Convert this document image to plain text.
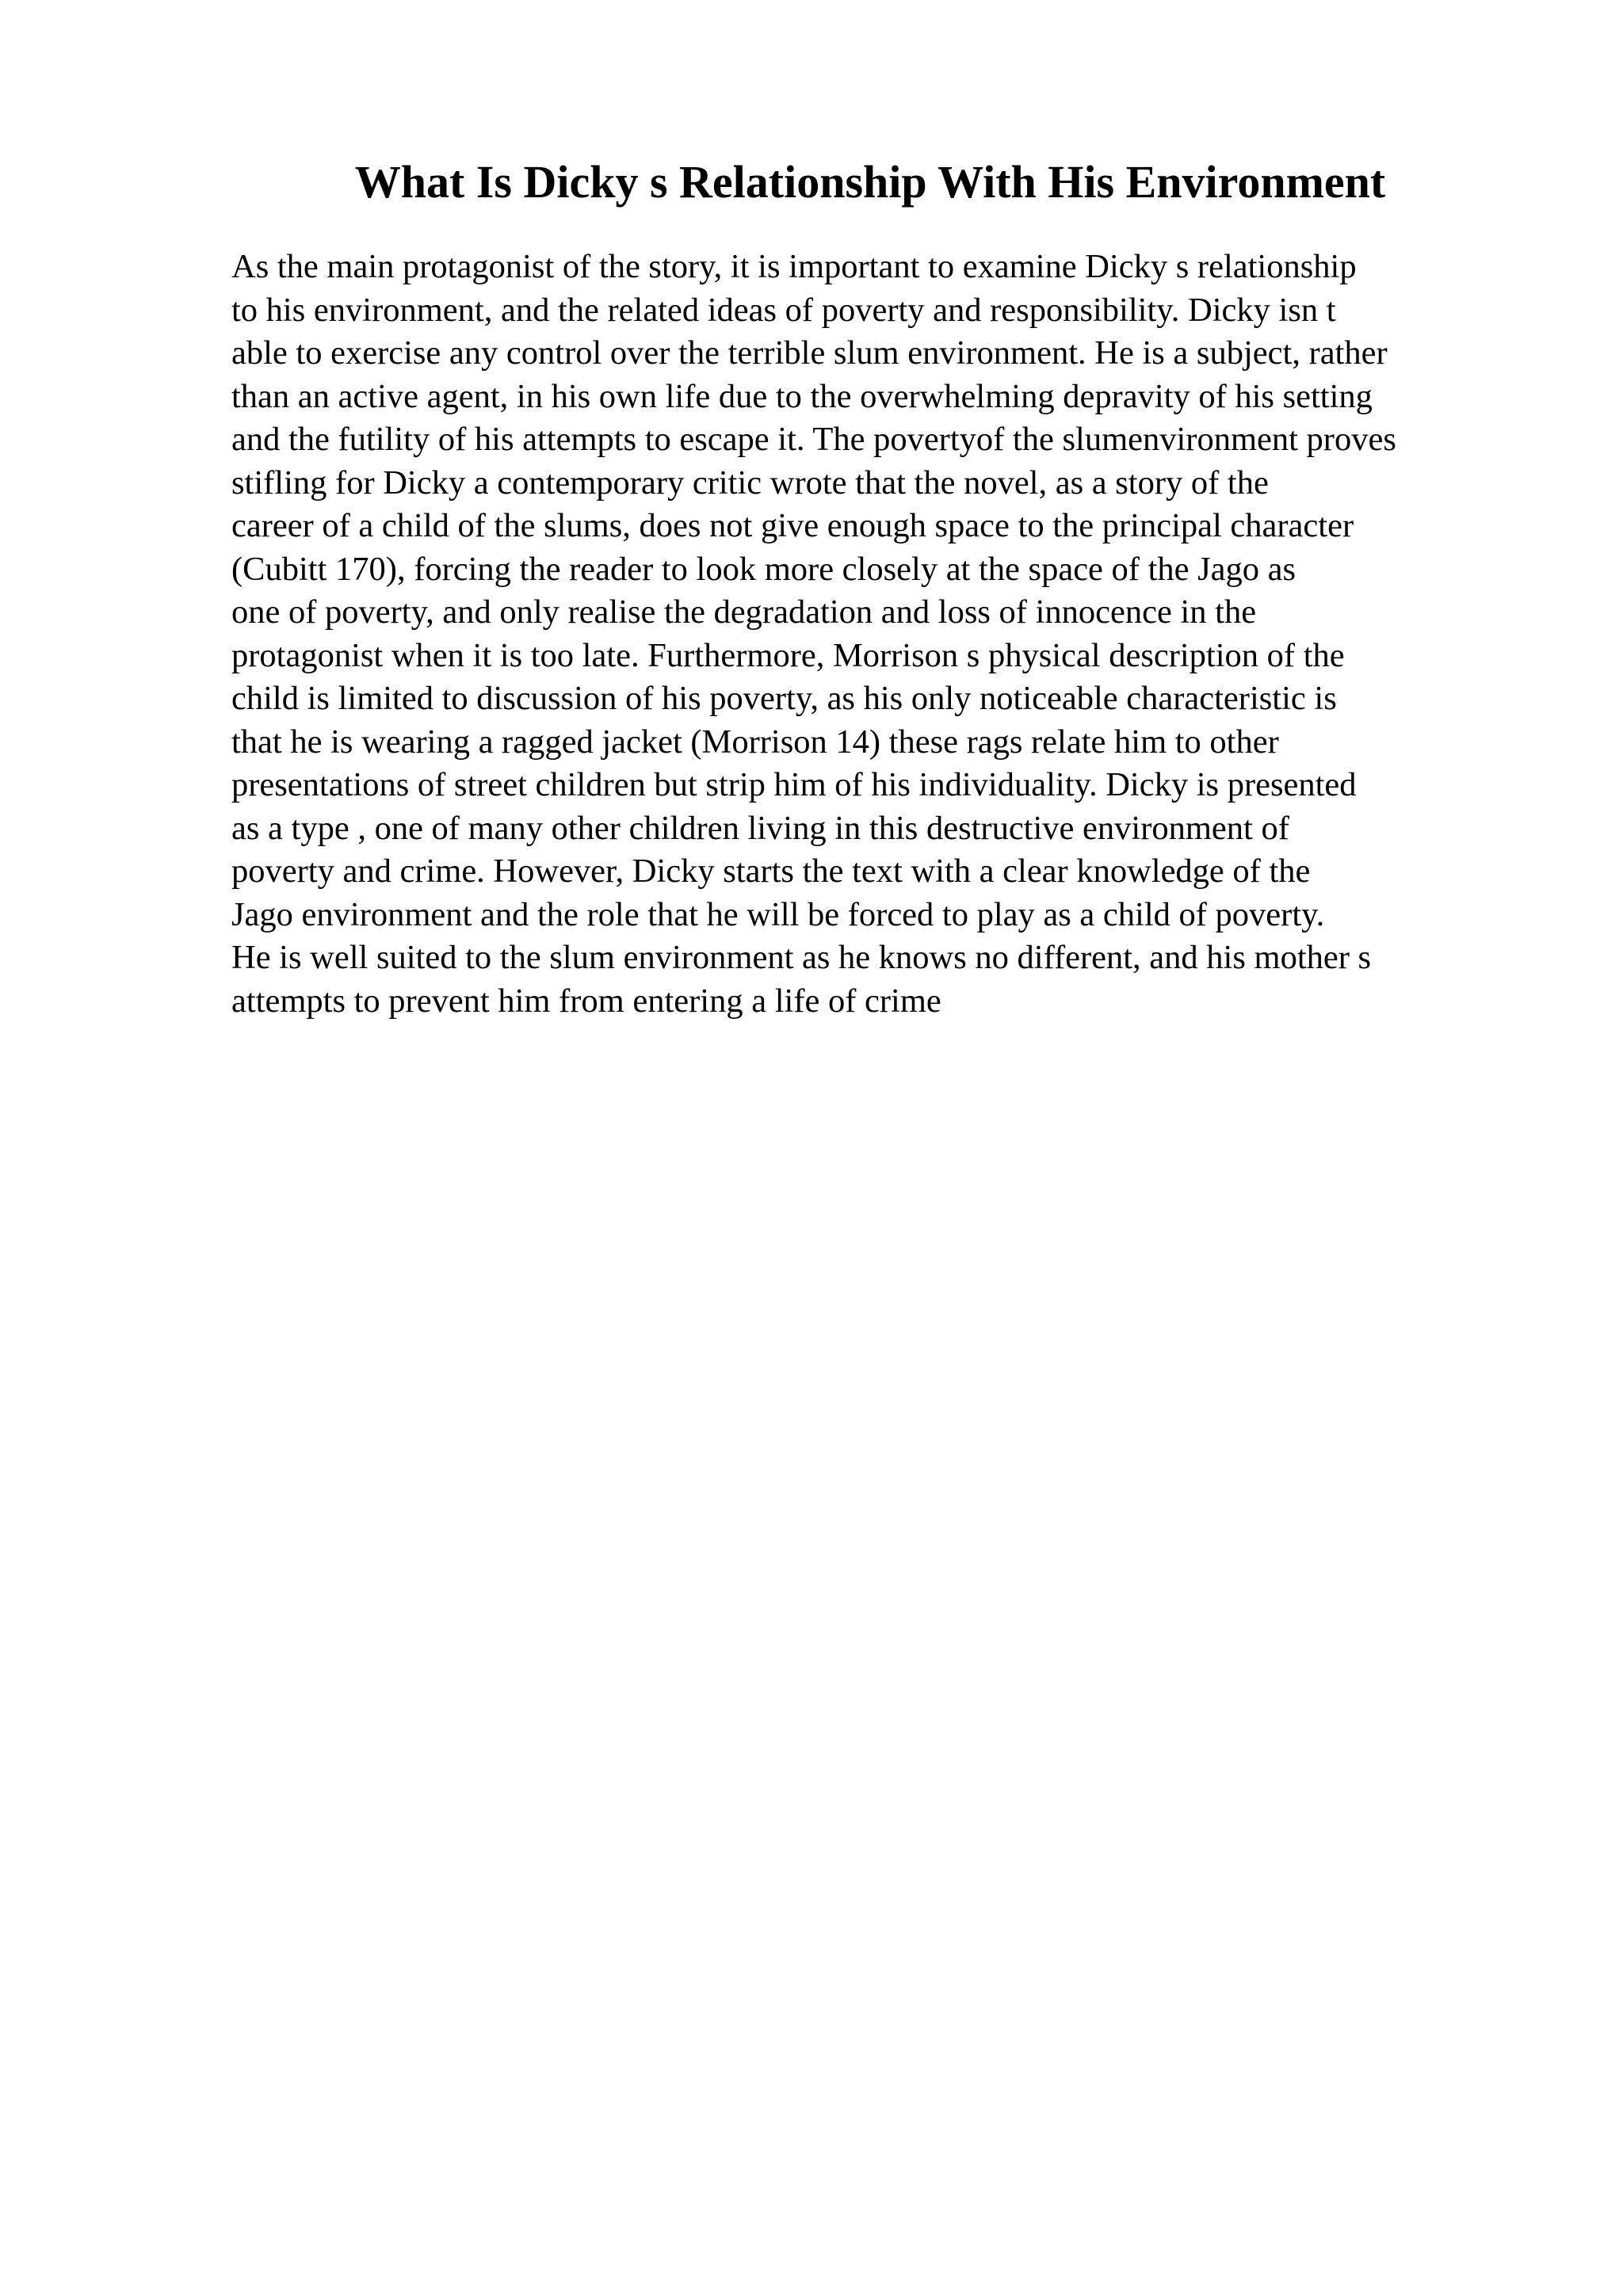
What Is Dicky s Relationship With His Environment
As the main protagonist of the story, it is important to examine Dicky s relationship
to his environment, and the related ideas of poverty and responsibility. Dicky isn t
able to exercise any control over the terrible slum environment. He is a subject, rather
than an active agent, in his own life due to the overwhelming depravity of his setting
and the futility of his attempts to escape it. The povertyof the slumenvironment proves
stifling for Dicky a contemporary critic wrote that the novel, as a story of the
career of a child of the slums, does not give enough space to the principal character
(Cubitt 170), forcing the reader to look more closely at the space of the Jago as
one of poverty, and only realise the degradation and loss of innocence in the
protagonist when it is too late. Furthermore, Morrison s physical description of the
child is limited to discussion of his poverty, as his only noticeable characteristic is
that he is wearing a ragged jacket (Morrison 14) these rags relate him to other
presentations of street children but strip him of his individuality. Dicky is presented
as a type , one of many other children living in this destructive environment of
poverty and crime. However, Dicky starts the text with a clear knowledge of the
Jago environment and the role that he will be forced to play as a child of poverty.
He is well suited to the slum environment as he knows no different, and his mother s
attempts to prevent him from entering a life of crime
